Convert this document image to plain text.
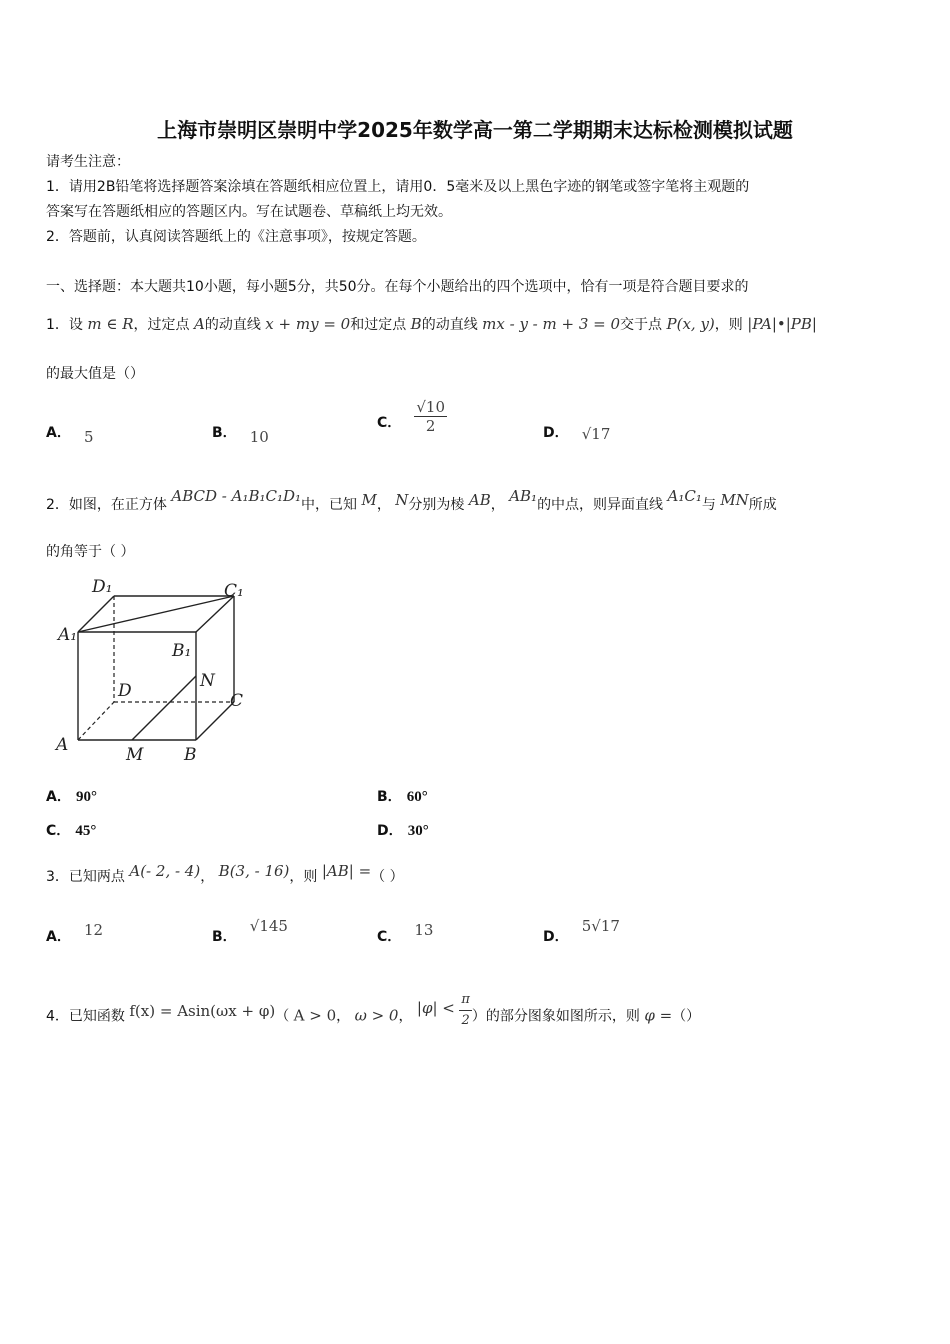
上海市崇明区崇明中学2025年数学高一第二学期期末达标检测模拟试题
请考生注意：
1．请用2B铅笔将选择题答案涂填在答题纸相应位置上，请用0．5毫米及以上黑色字迹的钢笔或签字笔将主观题的
答案写在答题纸相应的答题区内。写在试题卷、草稿纸上均无效。
2．答题前，认真阅读答题纸上的《注意事项》，按规定答题。
一、选择题：本大题共10小题，每小题5分，共50分。在每个小题给出的四个选项中，恰有一项是符合题目要求的
1．设 m ∈ R，过定点 A的动直线 x + my = 0和过定点 B的动直线 mx - y - m + 3 = 0交于点 P(x, y)，则 |PA|•|PB|
的最大值是（）
A． 5	B． 10
C． $\frac{√10}{2}$	D． √17
2．如图，在正方体 ABCD - A₁B₁C₁D₁中，已知 M， N分别为棱 AB， AB₁的中点，则异面直线 A₁C₁与 MN所成
的角等于（ ）
D₁	C₁
A₁
B₁
N
D	C
A	M B
A． 90°	B． 60°
C． 45°	D． 30°
3．已知两点 A(- 2, - 4)， B(3, - 16)，则 |AB| =（ ）
A． 12	B． √145
C． 13	D． 5√17
4．已知函数 f(x) = Asin(ωx + φ)（ A > 0， ω > 0， $|\varphi| < \frac{\pi}{2}$ ）的部分图象如图所示，则 φ =（）
